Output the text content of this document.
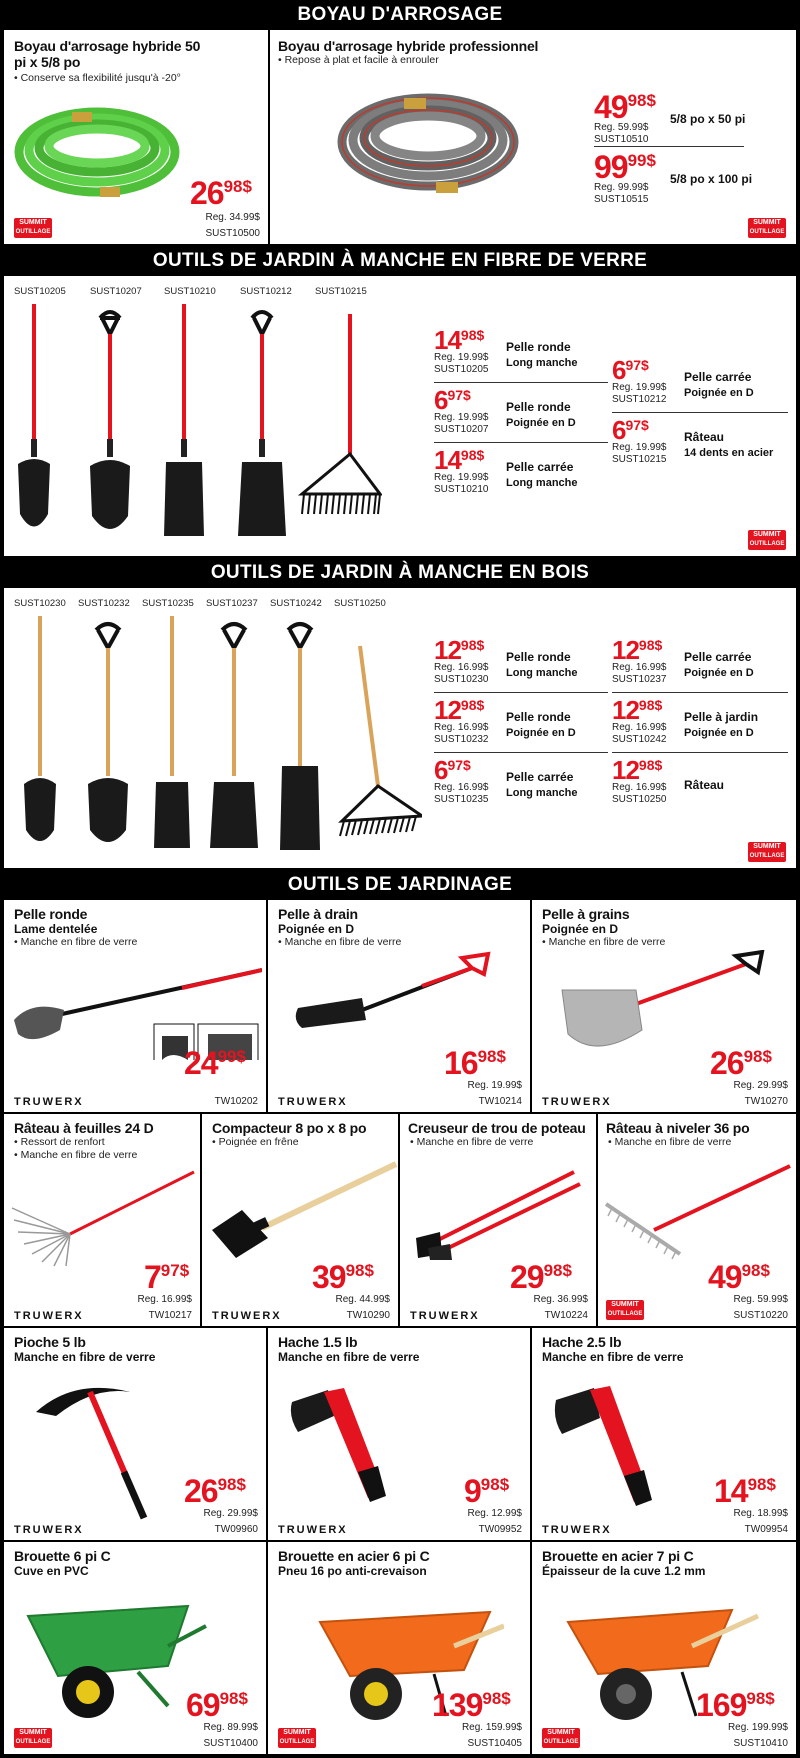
BOYAU D'ARROSAGE
Boyau d'arrosage hybride 50 pi x 5/8 po
• Conserve sa flexibilité jusqu'à -20°
$26^{98\$}$
Reg. 34.99$
SUST10500
SUMMIT
OUTILLAGE
Boyau d'arrosage hybride professionnel
• Repose à plat et facile à enrouler
$49^{98\$}$
Reg. 59.99$
SUST10510
5/8 po x 50 pi
$99^{99\$}$
Reg. 99.99$
SUST10515
5/8 po x 100 pi
SUMMIT
OUTILLAGE
OUTILS DE JARDIN À MANCHE EN FIBRE DE VERRE
SUST10205	SUST10207 SUST10210	SUST10212 SUST10215
$14^{98\$}$
Reg. 19.99$
SUST10205
Pelle ronde
Long manche
$6^{97\$}$
Reg. 19.99$
SUST10207
Pelle ronde
Poignée en D
$14^{98\$}$
Reg. 19.99$
SUST10210
Pelle carrée
Long manche
$6^{97\$}$
Reg. 19.99$
SUST10212
Pelle carrée
Poignée en D
$6^{97\$}$
Reg. 19.99$
SUST10215
Râteau
14 dents en acier
SUMMIT
OUTILLAGE
OUTILS DE JARDIN À MANCHE EN BOIS
SUST10230 SUST10232 SUST10235 SUST10237 SUST10242 SUST10250
$12^{98\$}$
Reg. 16.99$
SUST10230
Pelle ronde
Long manche
$12^{98\$}$
Reg. 16.99$
SUST10232
Pelle ronde
Poignée en D
$6^{97\$}$
Reg. 16.99$
SUST10235
Pelle carrée
Long manche
$12^{98\$}$
Reg. 16.99$
SUST10237
Pelle carrée
Poignée en D
$12^{98\$}$
Reg. 16.99$
SUST10242
Pelle à jardin
Poignée en D
$12^{98\$}$
Reg. 16.99$
SUST10250
Râteau
SUMMIT
OUTILLAGE
OUTILS DE JARDINAGE
Pelle ronde
Lame dentelée
• Manche en fibre de verre
$24^{99\$}$
TW10202
TRUWERX
Pelle à drain
Poignée en D
• Manche en fibre de verre
$16^{98\$}$
Reg. 19.99$
TW10214
TRUWERX
Pelle à grains
Poignée en D
• Manche en fibre de verre
$26^{98\$}$
Reg. 29.99$
TW10270
TRUWERX
Râteau à feuilles 24 D
• Ressort de renfort
• Manche en fibre de verre
$7^{97\$}$
Reg. 16.99$
TW10217
TRUWERX
Compacteur 8 po x 8 po
• Poignée en frêne
$39^{98\$}$
Reg. 44.99$
TW10290
TRUWERX
Creuseur de trou de poteau
• Manche en fibre de verre
$29^{98\$}$
Reg. 36.99$
TW10224
TRUWERX
Râteau à niveler 36 po
• Manche en fibre de verre
$49^{98\$}$
Reg. 59.99$
SUST10220
SUMMIT
OUTILLAGE
Pioche 5 lb
Manche en fibre de verre
$26^{98\$}$
Reg. 29.99$
TW09960
TRUWERX
Hache 1.5 lb
Manche en fibre de verre
$9^{98\$}$
Reg. 12.99$
TW09952
TRUWERX
Hache 2.5 lb
Manche en fibre de verre
$14^{98\$}$
Reg. 18.99$
TW09954
TRUWERX
Brouette 6 pi C
Cuve en PVC
$69^{98\$}$
Reg. 89.99$
SUST10400
SUMMIT
OUTILLAGE
Brouette en acier 6 pi C
Pneu 16 po anti-crevaison
$139^{98\$}$
Reg. 159.99$
SUST10405
SUMMIT
OUTILLAGE
Brouette en acier 7 pi C
Épaisseur de la cuve 1.2 mm
$169^{98\$}$
Reg. 199.99$
SUST10410
SUMMIT
OUTILLAGE
